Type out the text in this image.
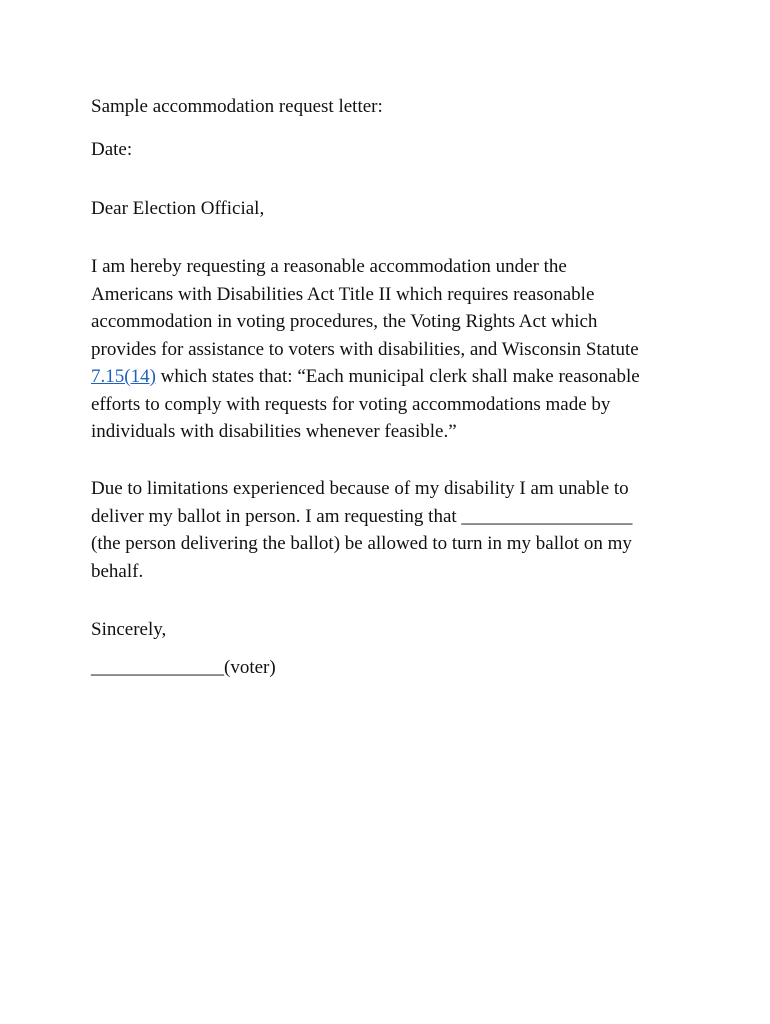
Sample accommodation request letter:
Date:
Dear Election Official,
I am hereby requesting a reasonable accommodation under the
Americans with Disabilities Act Title II which requires reasonable
accommodation in voting procedures, the Voting Rights Act which
provides for assistance to voters with disabilities, and Wisconsin Statute
7.15(14) which states that: “Each municipal clerk shall make reasonable
efforts to comply with requests for voting accommodations made by
individuals with disabilities whenever feasible.”
Due to limitations experienced because of my disability I am unable to
deliver my ballot in person. I am requesting that __________________
(the person delivering the ballot) be allowed to turn in my ballot on my
behalf.
Sincerely,
______________(voter)
